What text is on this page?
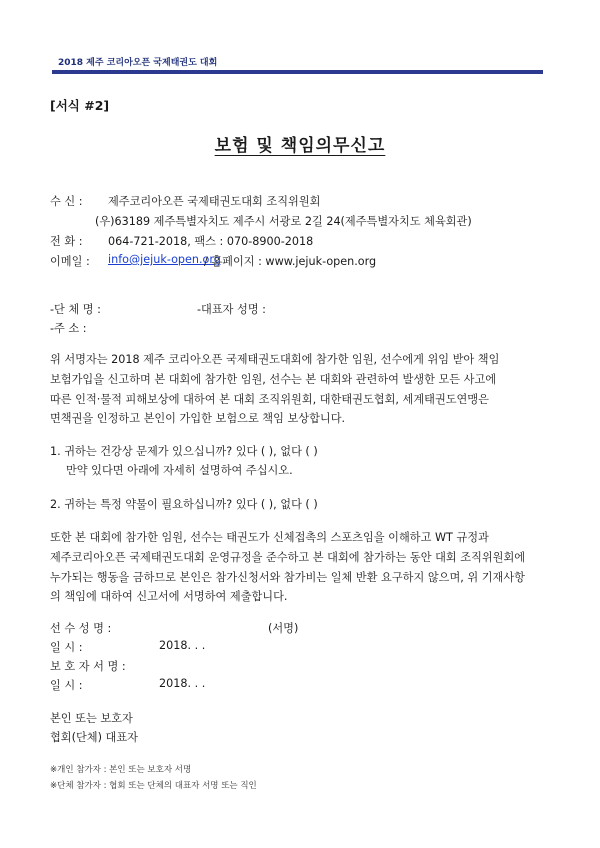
2018 제주 코리아오픈 국제태권도 대회
[서식 #2]
보험 및 책임의무신고
수 신 : 제주코리아오픈 국제태권도대회 조직위원회
(우)63189 제주특별자치도 제주시 서광로 2길 24(제주특별자치도 체육회관)
전 화 : 064-721-2018, 팩스 : 070-8900-2018
이메일 : info@jejuk-open.org
/ 홈페이지 : www.jejuk-open.org
-단 체 명 :	-대표자 성명 :
-주 소 :
위 서명자는 2018 제주 코리아오픈 국제태권도대회에 참가한 임원, 선수에게 위임 받아 책임
보험가입을 신고하며 본 대회에 참가한 임원, 선수는 본 대회와 관련하여 발생한 모든 사고에
따른 인적·물적 피해보상에 대하여 본 대회 조직위원회, 대한태권도협회, 세계태권도연맹은
면책권을 인정하고 본인이 가입한 보험으로 책임 보상합니다.
1. 귀하는 건강상 문제가 있으십니까? 있다 ( ), 없다 ( )
만약 있다면 아래에 자세히 설명하여 주십시오.
2. 귀하는 특정 약물이 필요하십니까? 있다 ( ), 없다 ( )
또한 본 대회에 참가한 임원, 선수는 태권도가 신체접촉의 스포츠임을 이해하고 WT 규정과
제주코리아오픈 국제태권도대회 운영규정을 준수하고 본 대회에 참가하는 동안 대회 조직위원회에
누가되는 행동을 금하므로 본인은 참가신청서와 참가비는 일체 반환 요구하지 않으며, 위 기재사항
의 책임에 대하여 신고서에 서명하여 제출합니다.
선 수 성 명 :	(서명)
일 시 :	2018. . .
보 호 자 서 명 :
일 시 :	2018. . .
본인 또는 보호자
협회(단체) 대표자
※개인 참가자 : 본인 또는 보호자 서명
※단체 참가자 : 협회 또는 단체의 대표자 서명 또는 직인
